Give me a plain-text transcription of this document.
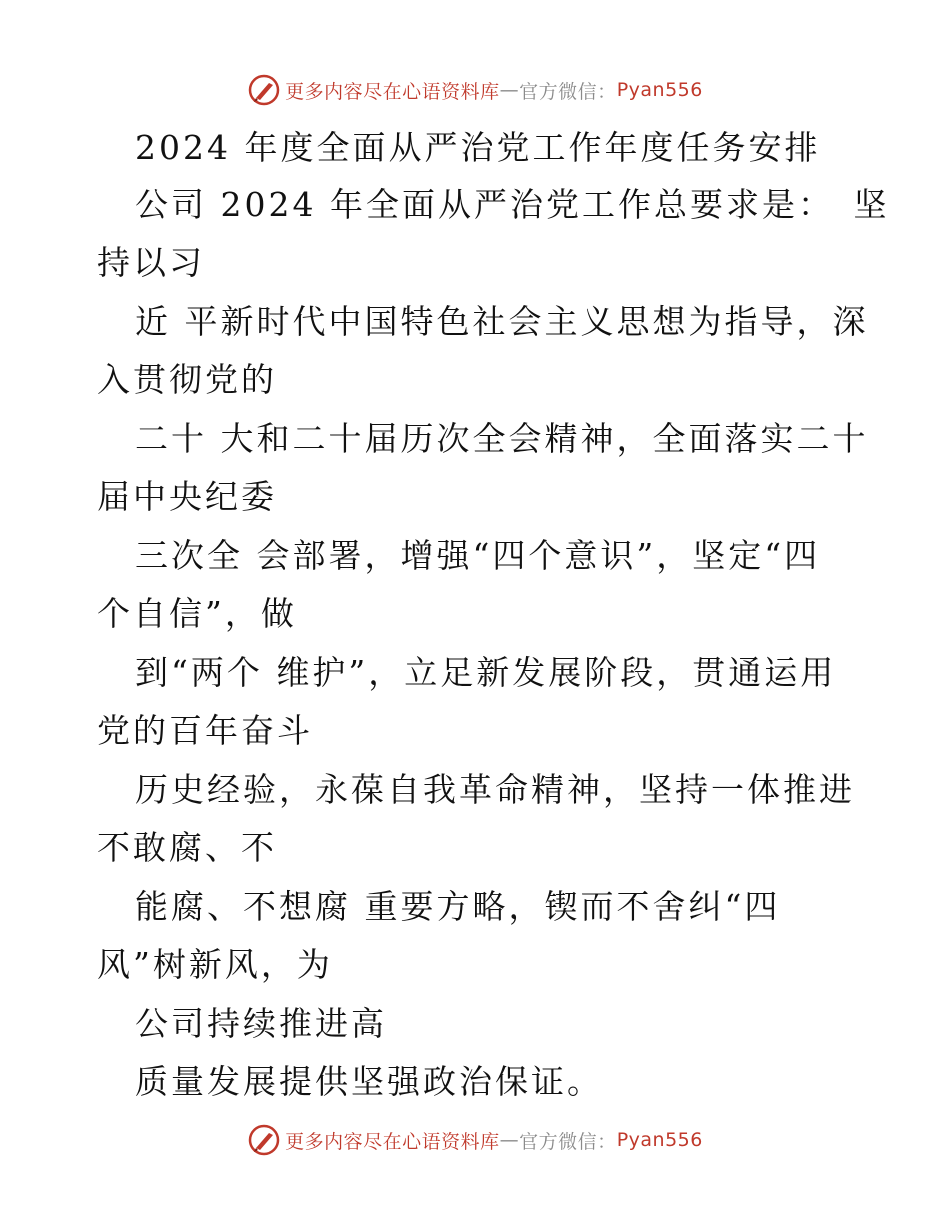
更多内容尽在心语资料库 — 官方微信： Pyan556
2024 年度全面从严治党工作年度任务安排
公司 2024 年全面从严治党工作总要求是：　坚
持以习
近 平新时代中国特色社会主义思想为指导，深
入贯彻党的
二十 大和二十届历次全会精神，全面落实二十
届中央纪委
三次全 会部署，增强“四个意识”，坚定“四
个自信”，做
到“两个 维护”，立足新发展阶段，贯通运用
党的百年奋斗
历史经验，永葆自我革命精神，坚持一体推进
不敢腐、不
能腐、不想腐 重要方略，锲而不舍纠“四
风”树新风，为
公司持续推进高
质量发展提供坚强政治保证。
更多内容尽在心语资料库 — 官方微信： Pyan556
